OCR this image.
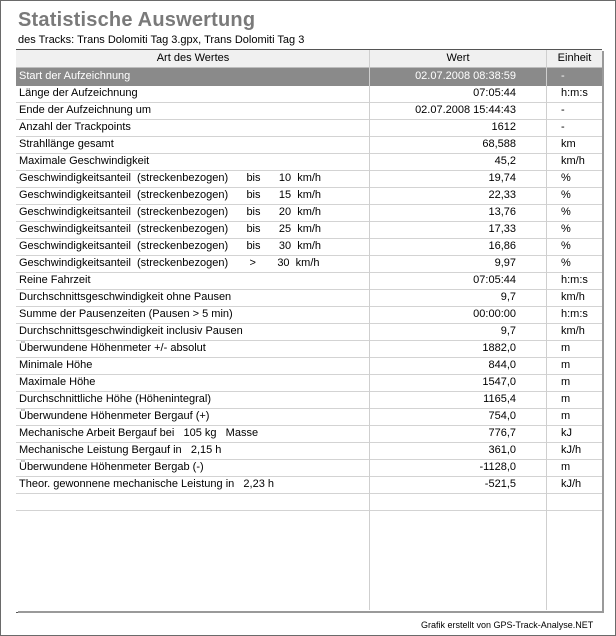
Statistische Auswertung
des Tracks: Trans Dolomiti Tag 3.gpx, Trans Dolomiti Tag 3
Art des Wertes	Wert	Einheit
Start der Aufzeichnung	02.07.2008 08:38:59	-
Länge der Aufzeichnung	07:05:44	h:m:s
Ende der Aufzeichnung um	02.07.2008 15:44:43	-
Anzahl der Trackpoints	1612	-
Strahllänge gesamt	68,588	km
Maximale Geschwindigkeit	45,2	km/h
Geschwindigkeitsanteil  (streckenbezogen)      bis      10  km/h	19,74	%
Geschwindigkeitsanteil  (streckenbezogen)      bis      15  km/h	22,33	%
Geschwindigkeitsanteil  (streckenbezogen)      bis      20  km/h	13,76	%
Geschwindigkeitsanteil  (streckenbezogen)      bis      25  km/h	17,33	%
Geschwindigkeitsanteil  (streckenbezogen)      bis      30  km/h	16,86	%
Geschwindigkeitsanteil  (streckenbezogen)       >       30  km/h	9,97	%
Reine Fahrzeit	07:05:44	h:m:s
Durchschnittsgeschwindigkeit ohne Pausen	9,7	km/h
Summe der Pausenzeiten (Pausen > 5 min)	00:00:00	h:m:s
Durchschnittsgeschwindigkeit inclusiv Pausen	9,7	km/h
Überwundene Höhenmeter +/- absolut	1882,0	m
Minimale Höhe	844,0	m
Maximale Höhe	1547,0	m
Durchschnittliche Höhe (Höhenintegral)	1165,4	m
Überwundene Höhenmeter Bergauf (+)	754,0	m
Mechanische Arbeit Bergauf bei   105 kg   Masse	776,7	kJ
Mechanische Leistung Bergauf in   2,15 h	361,0	kJ/h
Überwundene Höhenmeter Bergab (-)	-1128,0	m
Theor. gewonnene mechanische Leistung in   2,23 h	-521,5	kJ/h
Grafik erstellt von GPS-Track-Analyse.NET
